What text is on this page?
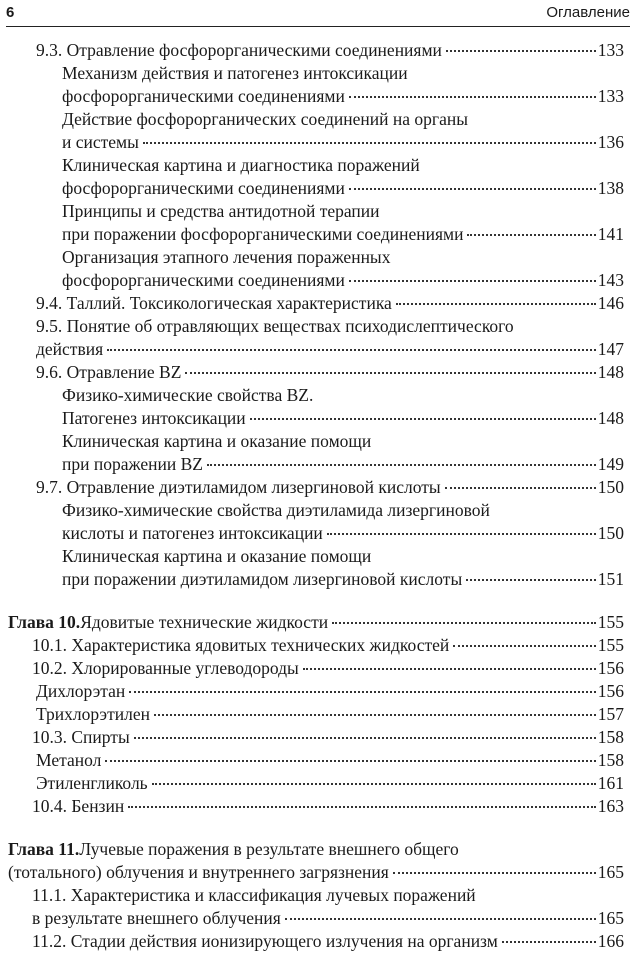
6	Оглавление
9.3. Отравление фосфорорганическими соединениями	133
Механизм действия и патогенез интоксикации
фосфорорганическими соединениями	133
Действие фосфорорганических соединений на органы
и системы	136
Клиническая картина и диагностика поражений
фосфорорганическими соединениями	138
Принципы и средства антидотной терапии
при поражении фосфорорганическими соединениями	141
Организация этапного лечения пораженных
фосфорорганическими соединениями	143
9.4. Таллий. Токсикологическая характеристика	146
9.5. Понятие об отравляющих веществах психодислептического
действия	147
9.6. Отравление BZ	148
Физико-химические свойства BZ.
Патогенез интоксикации	148
Клиническая картина и оказание помощи
при поражении BZ	149
9.7. Отравление диэтиламидом лизергиновой кислоты	150
Физико-химические свойства диэтиламида лизергиновой
кислоты и патогенез интоксикации	150
Клиническая картина и оказание помощи
при поражении диэтиламидом лизергиновой кислоты	151
Глава 10. Ядовитые технические жидкости	155
10.1. Характеристика ядовитых технических жидкостей	155
10.2. Хлорированные углеводороды	156
Дихлорэтан	156
Трихлорэтилен	157
10.3. Спирты	158
Метанол	158
Этиленгликоль	161
10.4. Бензин	163
Глава 11. Лучевые поражения в результате внешнего общего
(тотального) облучения и внутреннего загрязнения	165
11.1. Характеристика и классификация лучевых поражений
в результате внешнего облучения	165
11.2. Стадии действия ионизирующего излучения на организм	166
